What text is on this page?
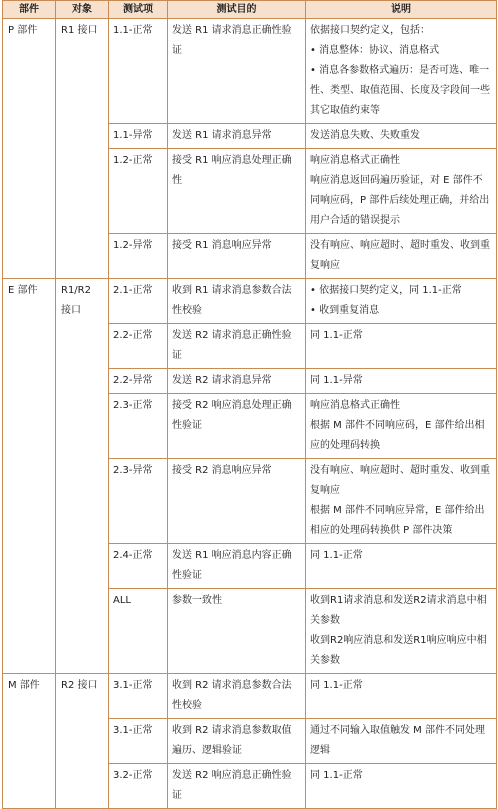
部件	对象	测试项	测试目的	说明
P 部件	R1 接口	1.1-正常	发送 R1 请求消息正确性验证	依据接口契约定义，包括：
• 消息整体：协议、消息格式
• 消息各参数格式遍历：是否可选、唯一性、类型、取值范围、长度及字段间一些其它取值约束等

		1.1-异常	发送 R1 请求消息异常	发送消息失败、失败重发
		1.2-正常	接受 R1 响应消息处理正确性	响应消息格式正确性
响应消息返回码遍历验证，对 E 部件不同响应码，P 部件后续处理正确，并给出用户合适的错误提示

		1.2-异常	接受 R1 消息响应异常	没有响应、响应超时、超时重发、收到重复响应
E 部件	R1/R2 接口	2.1-正常	收到 R1 请求消息参数合法性校验	• 依据接口契约定义，同 1.1-正常
• 收到重复消息

		2.2-正常	发送 R2 请求消息正确性验证	同 1.1-正常
		2.2-异常	发送 R2 请求消息异常	同 1.1-异常
		2.3-正常	接受 R2 响应消息处理正确性验证	响应消息格式正确性
根据 M 部件不同响应码，E 部件给出相应的处理码转换

		2.3-异常	接受 R2 消息响应异常	没有响应、响应超时、超时重发、收到重复响应
根据 M 部件不同响应异常，E 部件给出相应的处理码转换供 P 部件决策

		2.4-正常	发送 R1 响应消息内容正确性验证	同 1.1-正常
		ALL	参数一致性	收到R1请求消息和发送R2请求消息中相关参数
收到R2响应消息和发送R1响应响应中相关参数

M 部件	R2 接口	3.1-正常	收到 R2 请求消息参数合法性校验	同 1.1-正常
		3.1-正常	收到 R2 请求消息参数取值遍历、逻辑验证	通过不同输入取值触发 M 部件不同处理逻辑
		3.2-正常	发送 R2 响应消息正确性验证	同 1.1-正常
